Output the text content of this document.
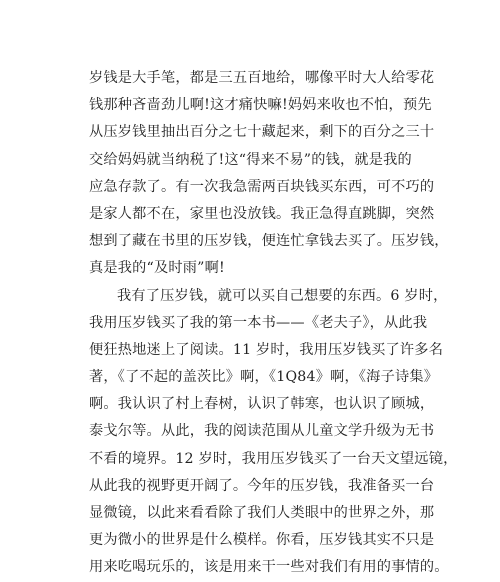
岁钱是大手笔，都是三五百地给，哪像平时大人给零花
钱那种吝啬劲儿啊!这才痛快嘛!妈妈来收也不怕，预先
从压岁钱里抽出百分之七十藏起来，剩下的百分之三十
交给妈妈就当纳税了!这“得来不易”的钱，就是我的
应急存款了。有一次我急需两百块钱买东西，可不巧的
是家人都不在，家里也没放钱。我正急得直跳脚，突然
想到了藏在书里的压岁钱，便连忙拿钱去买了。压岁钱，
真是我的“及时雨”啊!
我有了压岁钱，就可以买自己想要的东西。6 岁时，
我用压岁钱买了我的第一本书——《老夫子》，从此我
便狂热地迷上了阅读。11 岁时，我用压岁钱买了许多名
著，《了不起的盖茨比》啊，《1Q84》啊，《海子诗集》
啊。我认识了村上春树，认识了韩寒，也认识了顾城，
泰戈尔等。从此，我的阅读范围从儿童文学升级为无书
不看的境界。12 岁时，我用压岁钱买了一台天文望远镜，
从此我的视野更开阔了。今年的压岁钱，我准备买一台
显微镜，以此来看看除了我们人类眼中的世界之外，那
更为微小的世界是什么模样。你看，压岁钱其实不只是
用来吃喝玩乐的，该是用来干一些对我们有用的事情的。
